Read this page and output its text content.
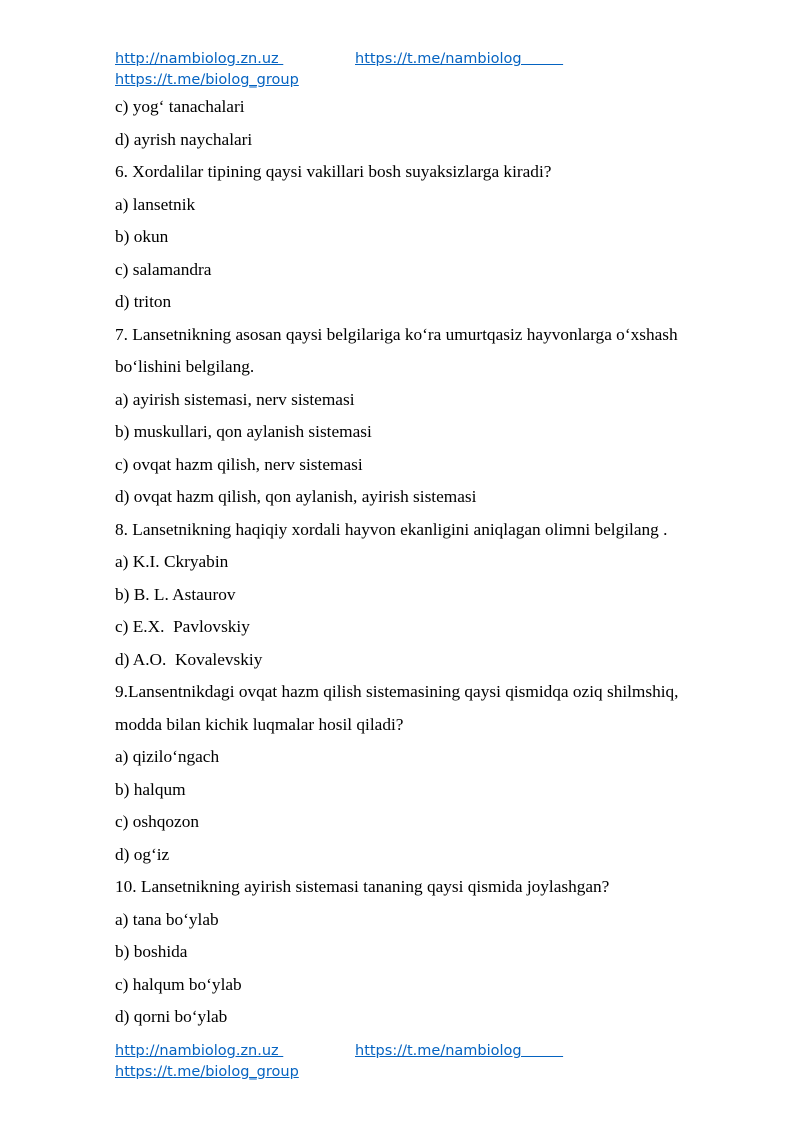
http://nambiolog.zn.uz	https://t.me/nambiolog
https://t.me/biolog_group

c) yog‘ tanachalari

d) ayrish naychalari

6. Xordalilar tipining qaysi vakillari bosh suyaksizlarga kiradi?

a) lansetnik

b) okun

c) salamandra

d) triton

7. Lansetnikning asosan qaysi belgilariga ko‘ra umurtqasiz hayvonlarga o‘xshash

bo‘lishini belgilang.

a) ayirish sistemasi, nerv sistemasi

b) muskullari, qon aylanish sistemasi

c) ovqat hazm qilish, nerv sistemasi

d) ovqat hazm qilish, qon aylanish, ayirish sistemasi

8. Lansetnikning haqiqiy xordali hayvon ekanligini aniqlagan olimni belgilang .

a) K.I. Ckryabin

b) B. L. Astaurov

c) E.X.  Pavlovskiy

d) A.O.  Kovalevskiy

9.Lansentnikdagi ovqat hazm qilish sistemasining qaysi qismidqa oziq shilmshiq,

modda bilan kichik luqmalar hosil qiladi?

a) qizilo‘ngach

b) halqum

c) oshqozon

d) og‘iz

10. Lansetnikning ayirish sistemasi tananing qaysi qismida joylashgan?

a) tana bo‘ylab

b) boshida

c) halqum bo‘ylab

d) qorni bo‘ylab

http://nambiolog.zn.uz	https://t.me/nambiolog
https://t.me/biolog_group
